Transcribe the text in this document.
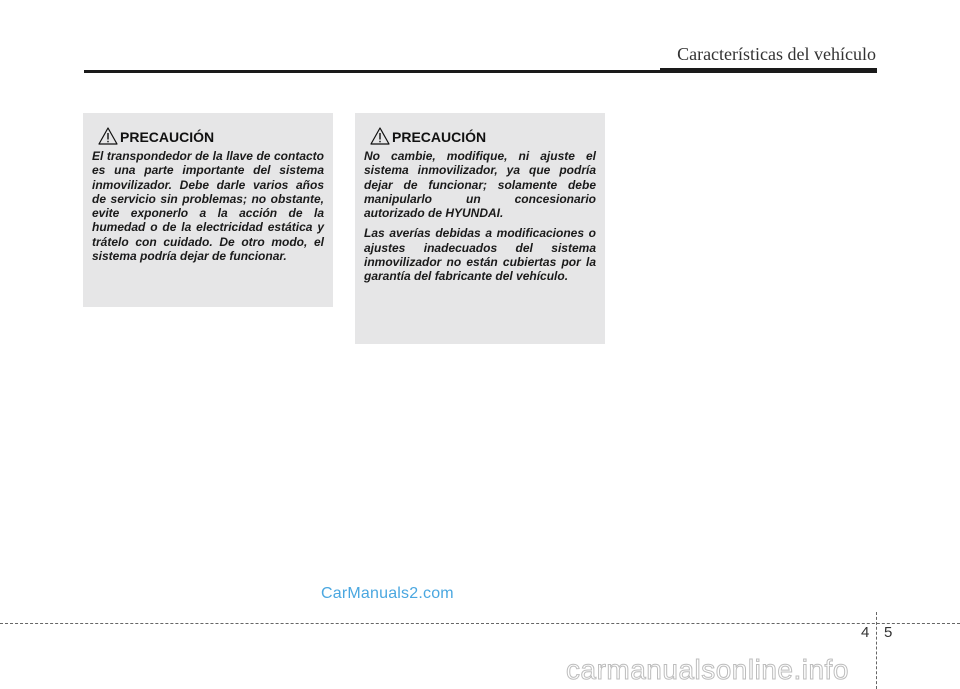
Características del vehículo
PRECAUCIÓN

El transpondedor de la llave de contacto es una parte importante del sistema inmovilizador. Debe darle varios años de servicio sin problemas; no obstante, evite exponerlo a la acción de la humedad o de la electricidad estática y trátelo con cuidado. De otro modo, el sistema podría dejar de funcionar.

PRECAUCIÓN

No cambie, modifique, ni ajuste el sistema inmovilizador, ya que podría dejar de funcionar; solamente debe manipularlo un concesionario autorizado de HYUNDAI.

Las averías debidas a modificaciones o ajustes inadecuados del sistema inmovilizador no están cubiertas por la garantía del fabricante del vehículo.

CarManuals2.com
4 5
carmanualsonline.info
